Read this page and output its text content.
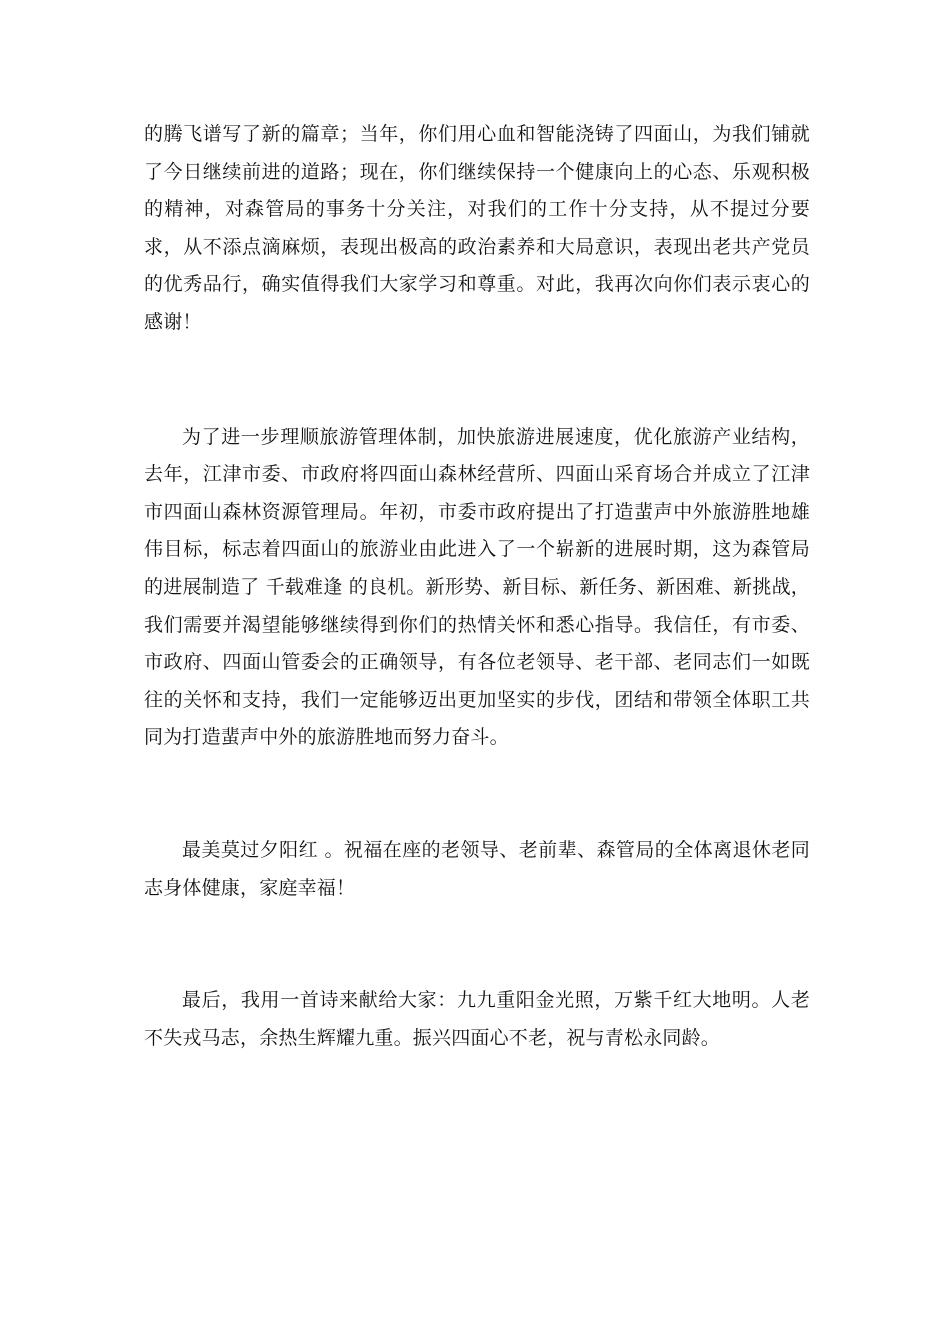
的腾飞谱写了新的篇章；当年，你们用心血和智能浇铸了四面山，为我们铺就了今日继续前进的道路；现在，你们继续保持一个健康向上的心态、乐观积极的精神，对森管局的事务十分关注，对我们的工作十分支持，从不提过分要求，从不添点滴麻烦，表现出极高的政治素养和大局意识，表现出老共产党员的优秀品行，确实值得我们大家学习和尊重。对此，我再次向你们表示衷心的感谢！

为了进一步理顺旅游管理体制，加快旅游进展速度，优化旅游产业结构，去年，江津市委、市政府将四面山森林经营所、四面山采育场合并成立了江津市四面山森林资源管理局。年初，市委市政府提出了打造蜚声中外旅游胜地雄伟目标，标志着四面山的旅游业由此进入了一个崭新的进展时期，这为森管局的进展制造了 千载难逢 的良机。新形势、新目标、新任务、新困难、新挑战，我们需要并渴望能够继续得到你们的热情关怀和悉心指导。我信任，有市委、市政府、四面山管委会的正确领导，有各位老领导、老干部、老同志们一如既往的关怀和支持，我们一定能够迈出更加坚实的步伐，团结和带领全体职工共同为打造蜚声中外的旅游胜地而努力奋斗。

最美莫过夕阳红 。祝福在座的老领导、老前辈、森管局的全体离退休老同志身体健康，家庭幸福！

最后，我用一首诗来献给大家：九九重阳金光照，万紫千红大地明。人老不失戎马志，余热生辉耀九重。振兴四面心不老，祝与青松永同龄。
